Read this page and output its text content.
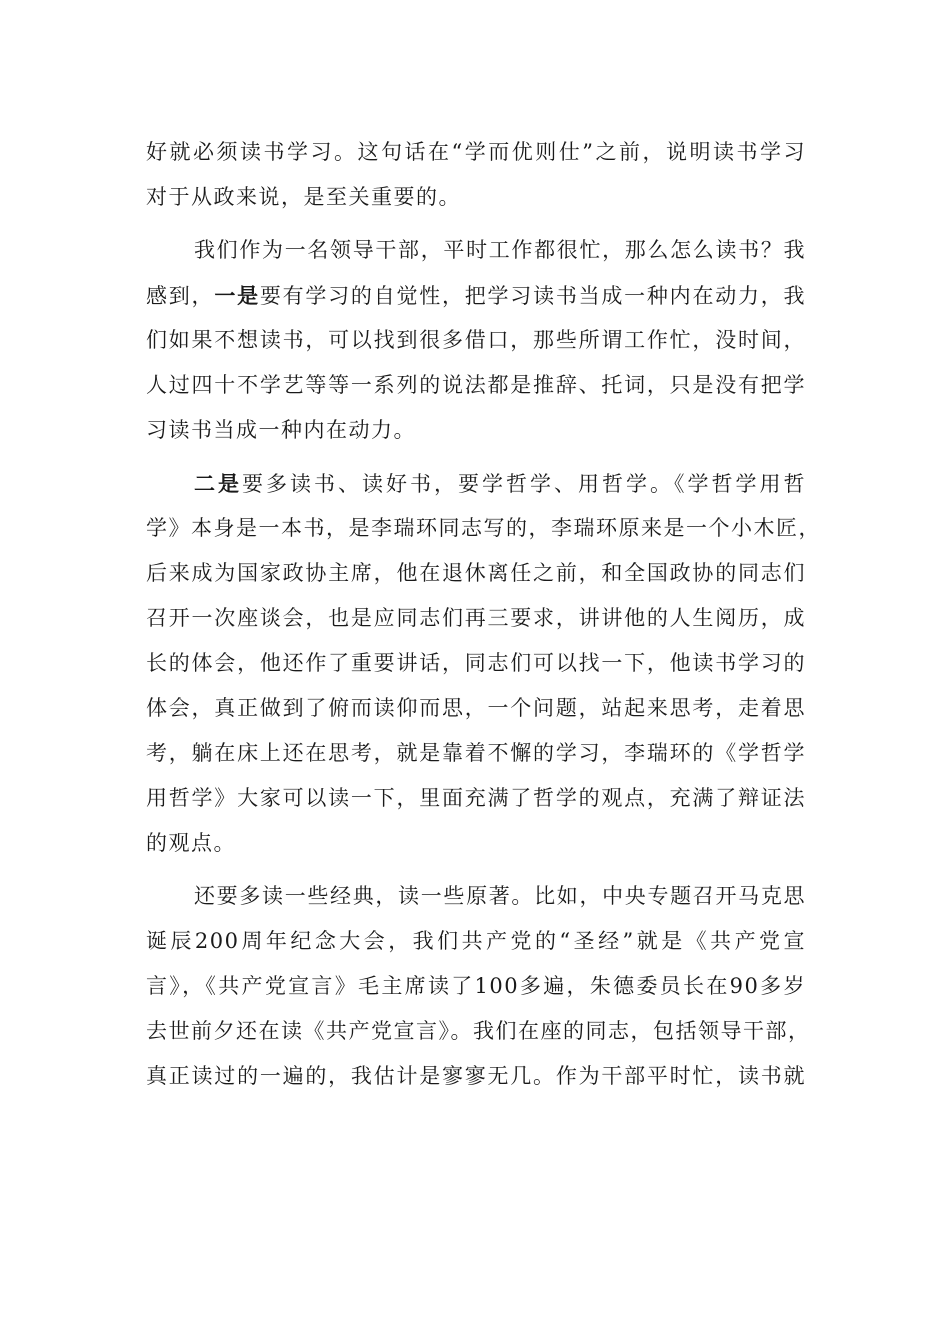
好就必须读书学习。这句话在“学而优则仕”之前，说明读书学习
对于从政来说，是至关重要的。
我们作为一名领导干部，平时工作都很忙，那么怎么读书？我
感到，一是要有学习的自觉性，把学习读书当成一种内在动力，我
们如果不想读书，可以找到很多借口，那些所谓工作忙，没时间，
人过四十不学艺等等一系列的说法都是推辞、托词，只是没有把学
习读书当成一种内在动力。
二是要多读书、读好书，要学哲学、用哲学。《学哲学用哲
学》本身是一本书，是李瑞环同志写的，李瑞环原来是一个小木匠，
后来成为国家政协主席，他在退休离任之前，和全国政协的同志们
召开一次座谈会，也是应同志们再三要求，讲讲他的人生阅历，成
长的体会，他还作了重要讲话，同志们可以找一下，他读书学习的
体会，真正做到了俯而读仰而思，一个问题，站起来思考，走着思
考，躺在床上还在思考，就是靠着不懈的学习，李瑞环的《学哲学
用哲学》大家可以读一下，里面充满了哲学的观点，充满了辩证法
的观点。
还要多读一些经典，读一些原著。比如，中央专题召开马克思
诞辰200周年纪念大会，我们共产党的“圣经”就是《共产党宣
言》，《共产党宣言》毛主席读了100多遍，朱德委员长在90多岁
去世前夕还在读《共产党宣言》。我们在座的同志，包括领导干部，
真正读过的一遍的，我估计是寥寥无几。作为干部平时忙，读书就
